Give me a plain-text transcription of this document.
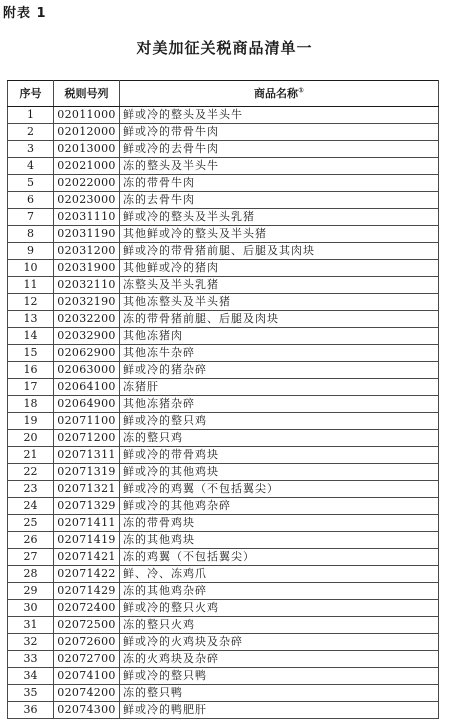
附表 1
对美加征关税商品清单一
序号	税则号列	商品名称①
1	02011000	鲜或冷的整头及半头牛
2	02012000	鲜或冷的带骨牛肉
3	02013000	鲜或冷的去骨牛肉
4	02021000	冻的整头及半头牛
5	02022000	冻的带骨牛肉
6	02023000	冻的去骨牛肉
7	02031110	鲜或冷的整头及半头乳猪
8	02031190	其他鲜或冷的整头及半头猪
9	02031200	鲜或冷的带骨猪前腿、后腿及其肉块
10	02031900	其他鲜或冷的猪肉
11	02032110	冻整头及半头乳猪
12	02032190	其他冻整头及半头猪
13	02032200	冻的带骨猪前腿、后腿及肉块
14	02032900	其他冻猪肉
15	02062900	其他冻牛杂碎
16	02063000	鲜或冷的猪杂碎
17	02064100	冻猪肝
18	02064900	其他冻猪杂碎
19	02071100	鲜或冷的整只鸡
20	02071200	冻的整只鸡
21	02071311	鲜或冷的带骨鸡块
22	02071319	鲜或冷的其他鸡块
23	02071321	鲜或冷的鸡翼（不包括翼尖）
24	02071329	鲜或冷的其他鸡杂碎
25	02071411	冻的带骨鸡块
26	02071419	冻的其他鸡块
27	02071421	冻的鸡翼（不包括翼尖）
28	02071422	鲜、冷、冻鸡爪
29	02071429	冻的其他鸡杂碎
30	02072400	鲜或冷的整只火鸡
31	02072500	冻的整只火鸡
32	02072600	鲜或冷的火鸡块及杂碎
33	02072700	冻的火鸡块及杂碎
34	02074100	鲜或冷的整只鸭
35	02074200	冻的整只鸭
36	02074300	鲜或冷的鸭肥肝
